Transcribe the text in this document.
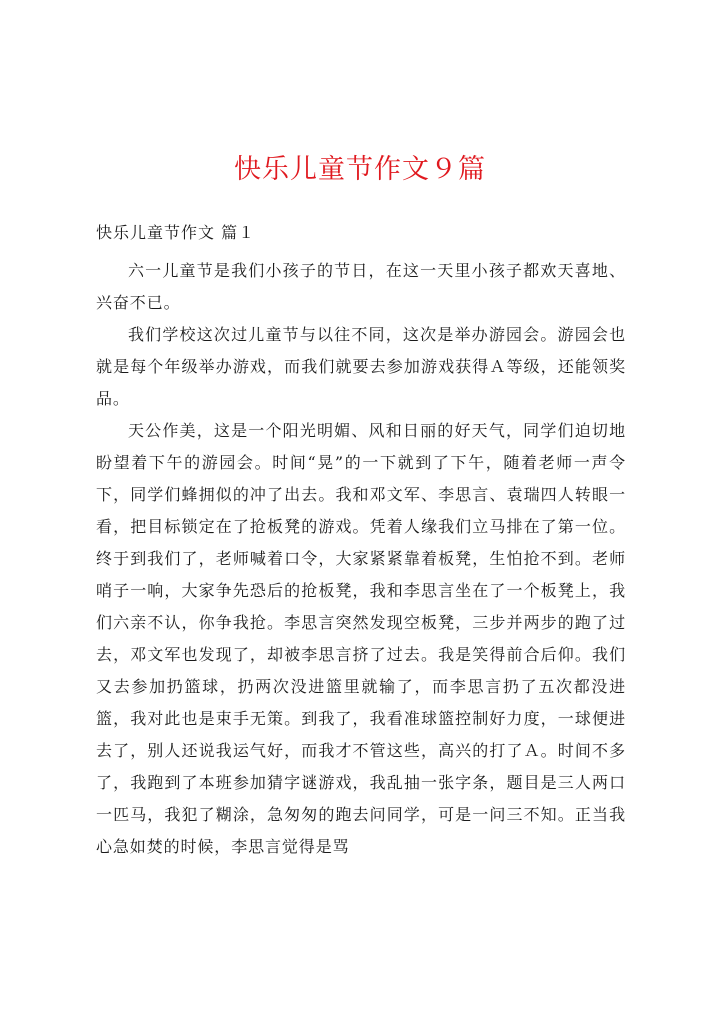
快乐儿童节作文９篇
快乐儿童节作文 篇１

六一儿童节是我们小孩子的节日，在这一天里小孩子都欢天喜地、兴奋不已。

我们学校这次过儿童节与以往不同，这次是举办游园会。游园会也就是每个年级举办游戏，而我们就要去参加游戏获得Ａ等级，还能领奖品。

天公作美，这是一个阳光明媚、风和日丽的好天气，同学们迫切地盼望着下午的游园会。时间“晃”的一下就到了下午，随着老师一声令下，同学们蜂拥似的冲了出去。我和邓文军、李思言、袁瑞四人转眼一看，把目标锁定在了抢板凳的游戏。凭着人缘我们立马排在了第一位。终于到我们了，老师喊着口令，大家紧紧靠着板凳，生怕抢不到。老师哨子一响，大家争先恐后的抢板凳，我和李思言坐在了一个板凳上，我们六亲不认，你争我抢。李思言突然发现空板凳，三步并两步的跑了过去，邓文军也发现了，却被李思言挤了过去。我是笑得前合后仰。我们又去参加扔篮球，扔两次没进篮里就输了，而李思言扔了五次都没进篮，我对此也是束手无策。到我了，我看准球篮控制好力度，一球便进去了，别人还说我运气好，而我才不管这些，高兴的打了Ａ。时间不多了，我跑到了本班参加猜字谜游戏，我乱抽一张字条，题目是三人两口一匹马，我犯了糊涂，急匆匆的跑去问同学，可是一问三不知。正当我心急如焚的时候，李思言觉得是骂
